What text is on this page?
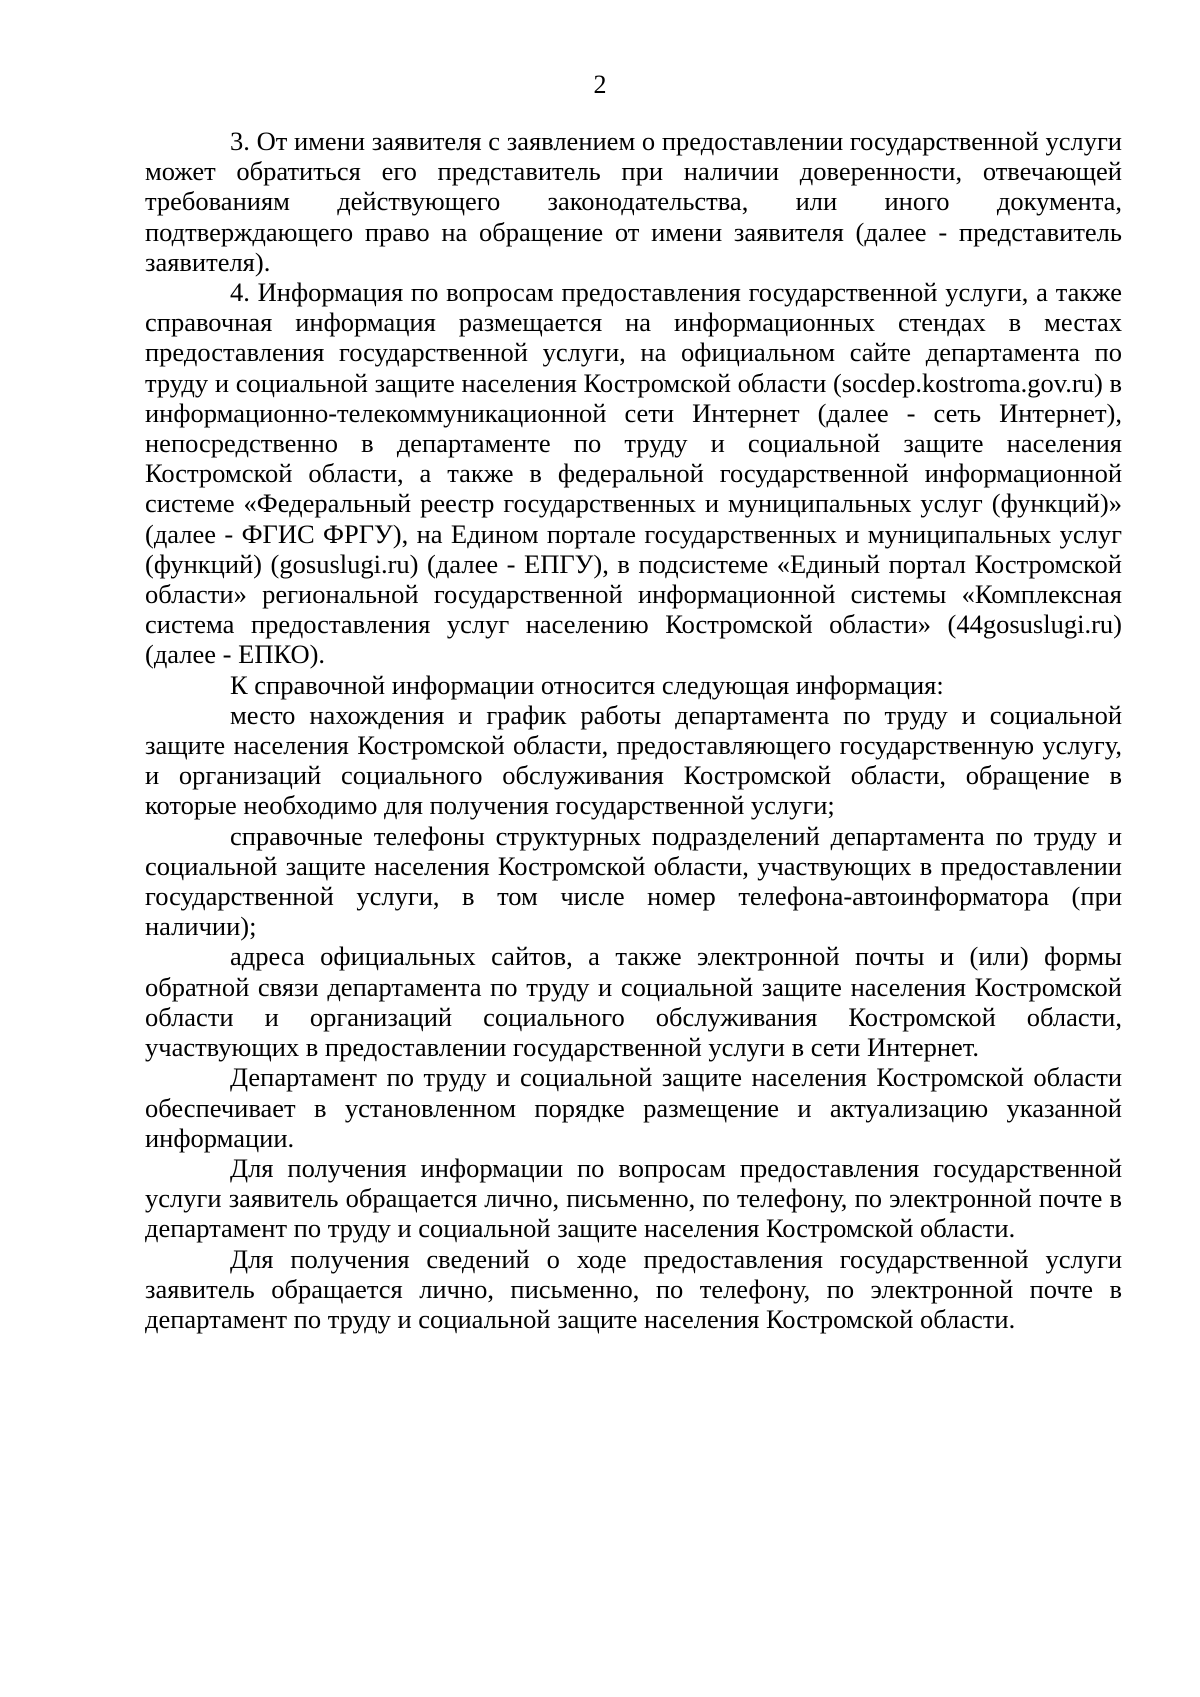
2

3. От имени заявителя с заявлением о предоставлении государственной услуги может обратиться его представитель при наличии доверенности, отвечающей требованиям действующего законодательства, или иного документа, подтверждающего право на обращение от имени заявителя (далее - представитель заявителя).

4. Информация по вопросам предоставления государственной услуги, а также справочная информация размещается на информационных стендах в местах предоставления государственной услуги, на официальном сайте департамента по труду и социальной защите населения Костромской области (socdep.kostroma.gov.ru) в информационно-телекоммуникационной сети Интернет (далее - сеть Интернет), непосредственно в департаменте по труду и социальной защите населения Костромской области, а также в федеральной государственной информационной системе «Федеральный реестр государственных и муниципальных услуг (функций)» (далее - ФГИС ФРГУ), на Едином портале государственных и муниципальных услуг (функций) (gosuslugi.ru) (далее - ЕПГУ), в подсистеме «Единый портал Костромской области» региональной государственной информационной системы «Комплексная система предоставления услуг населению Костромской области» (44gosuslugi.ru) (далее - ЕПКО).

К справочной информации относится следующая информация:

место нахождения и график работы департамента по труду и социальной защите населения Костромской области, предоставляющего государственную услугу, и организаций социального обслуживания Костромской области, обращение в которые необходимо для получения государственной услуги;

справочные телефоны структурных подразделений департамента по труду и социальной защите населения Костромской области, участвующих в предоставлении государственной услуги, в том числе номер телефона-автоинформатора (при наличии);

адреса официальных сайтов, а также электронной почты и (или) формы обратной связи департамента по труду и социальной защите населения Костромской области и организаций социального обслуживания Костромской области, участвующих в предоставлении государственной услуги в сети Интернет.

Департамент по труду и социальной защите населения Костромской области обеспечивает в установленном порядке размещение и актуализацию указанной информации.

Для получения информации по вопросам предоставления государственной услуги заявитель обращается лично, письменно, по телефону, по электронной почте в департамент по труду и социальной защите населения Костромской области.

Для получения сведений о ходе предоставления государственной услуги заявитель обращается лично, письменно, по телефону, по электронной почте в департамент по труду и социальной защите населения Костромской области.
